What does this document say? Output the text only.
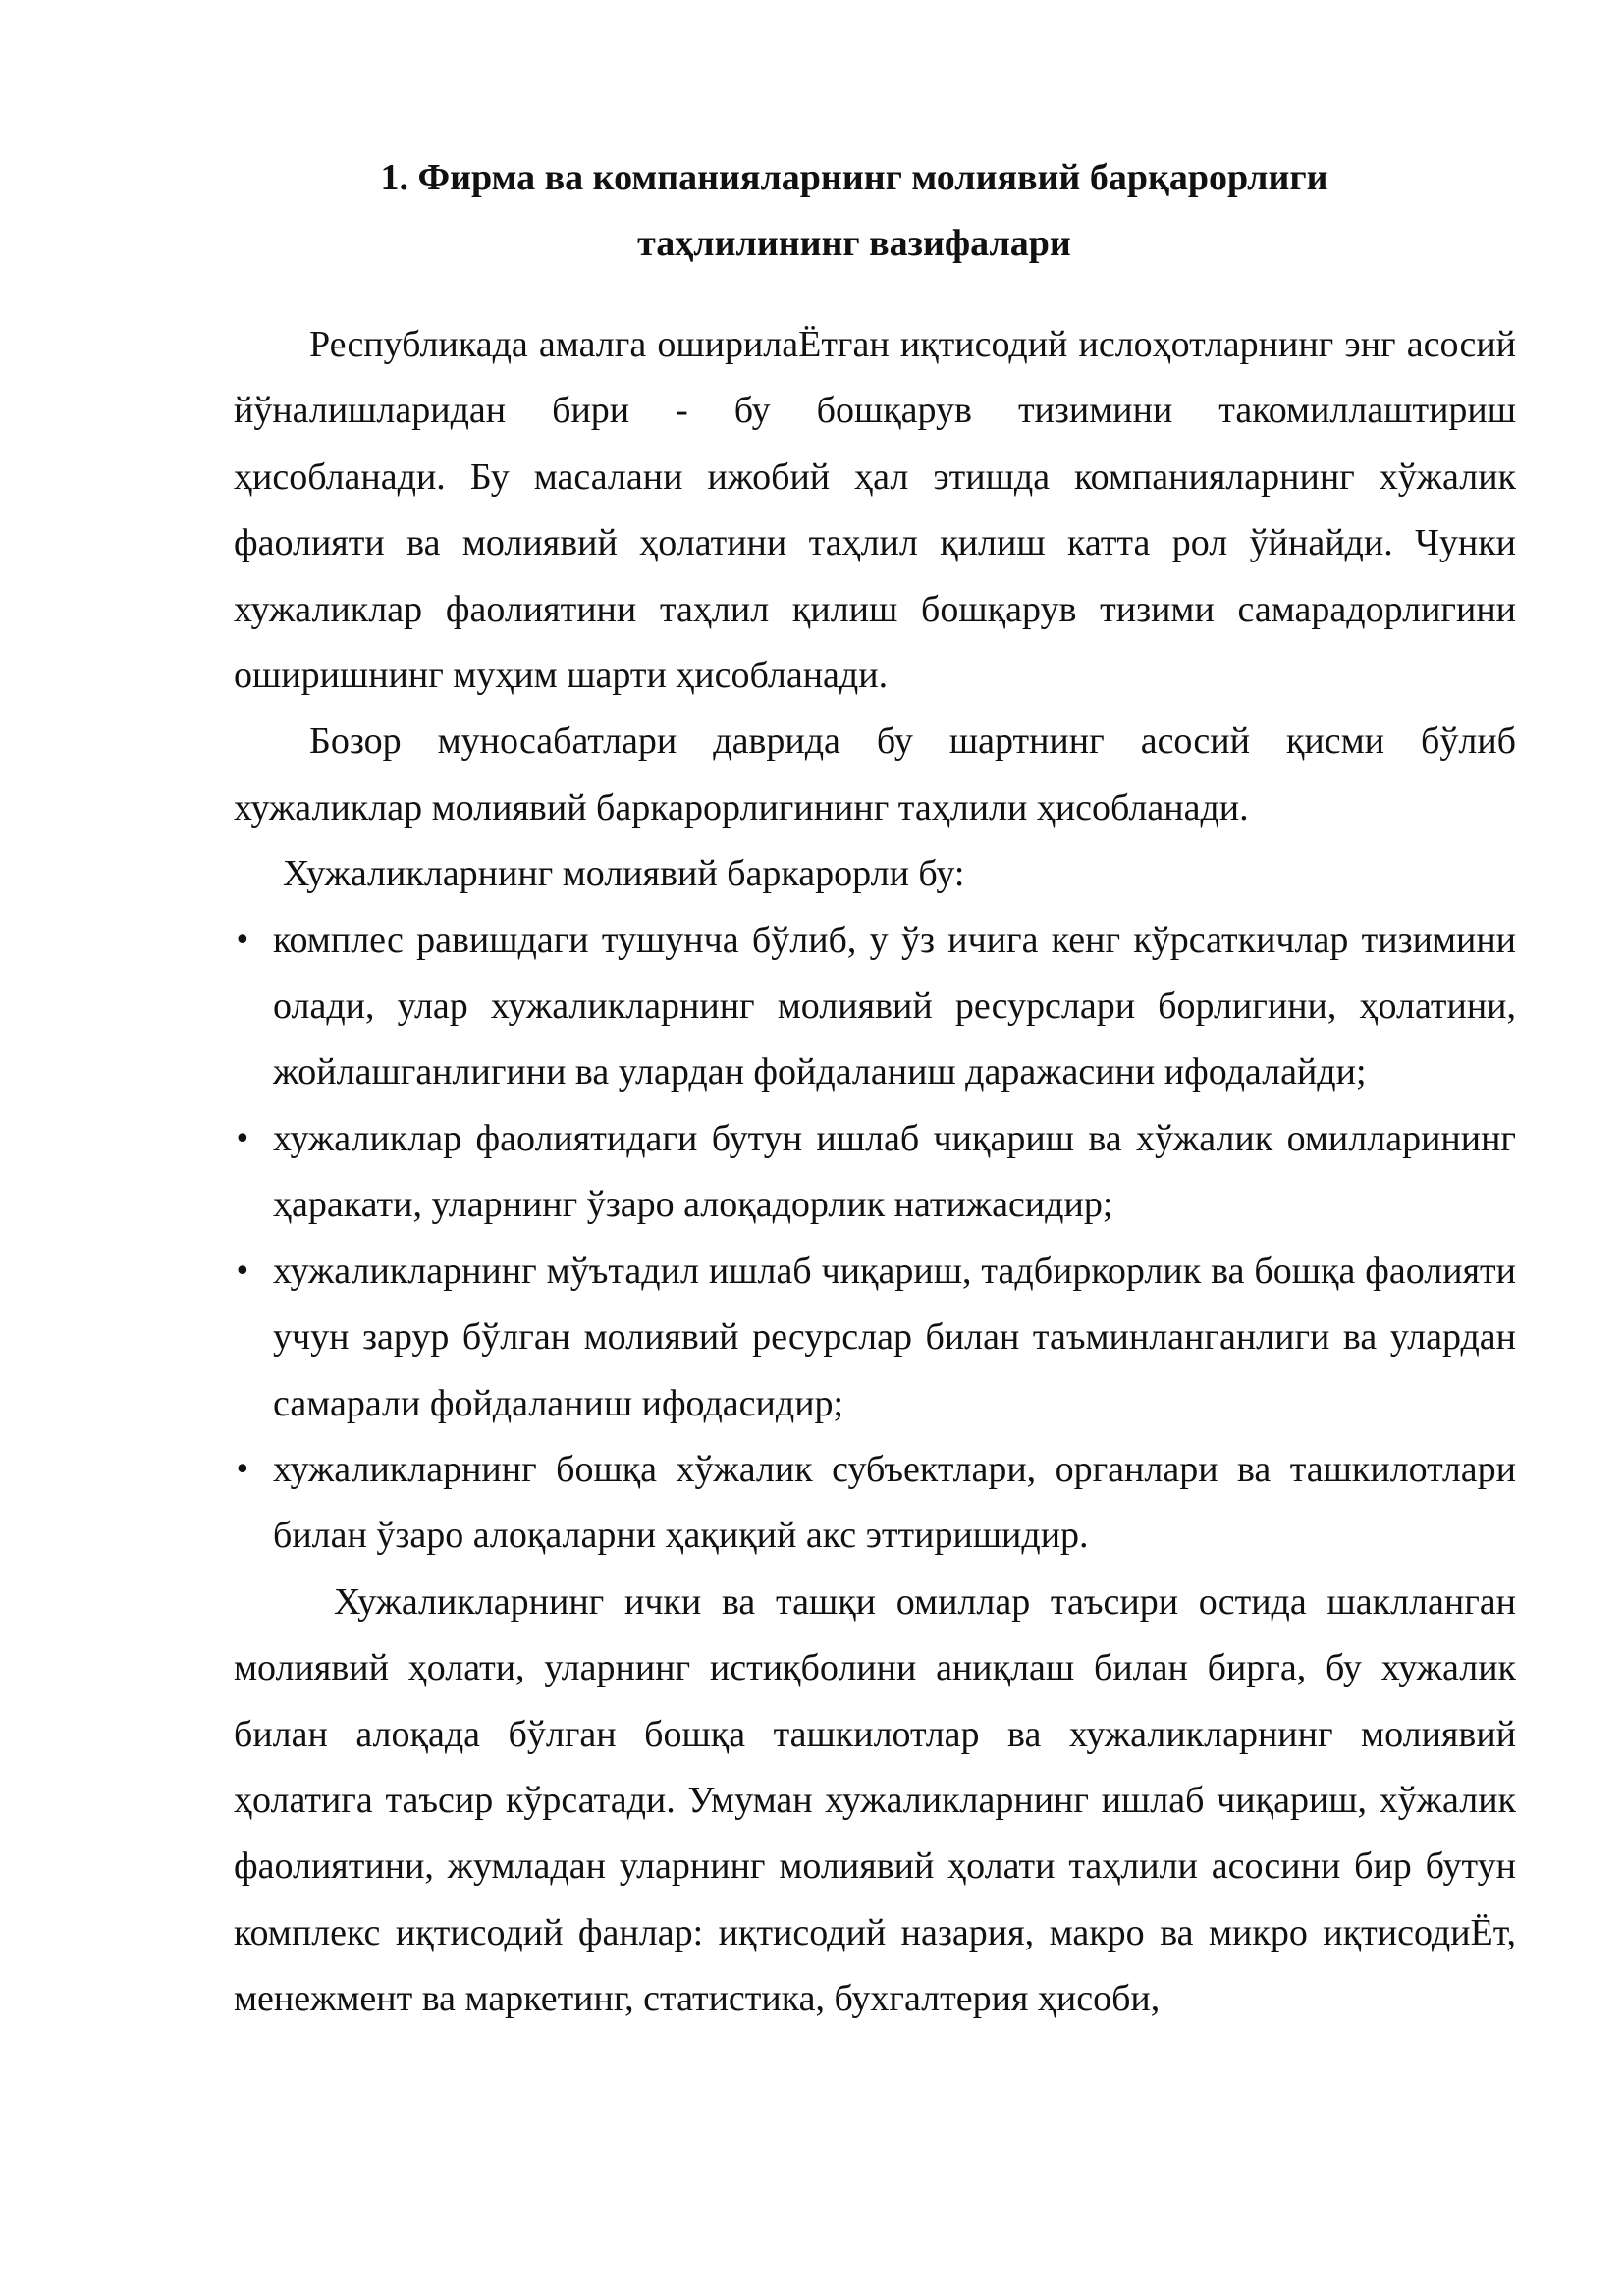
1. Фирма ва компанияларнинг молиявий барқарорлиги
таҳлилининг вазифалари

Республикада амалга оширилаЁтган иқтисодий ислоҳотларнинг энг асосий йўналишларидан бири - бу бошқарув тизимини такомиллаштириш ҳисобланади. Бу масалани ижобий ҳал этишда компанияларнинг хўжалик фаолияти ва молиявий ҳолатини таҳлил қилиш катта рол ўйнайди. Чунки хужаликлар фаолиятини таҳлил қилиш бошқарув тизими самарадорлигини оширишнинг муҳим шарти ҳисобланади.

Бозор муносабатлари даврида бу шартнинг асосий қисми бўлиб хужаликлар молиявий баркарорлигининг таҳлили ҳисобланади.

Хужаликларнинг молиявий баркарорли бу:

• комплес равишдаги тушунча бўлиб, у ўз ичига кенг кўрсаткичлар тизимини олади, улар хужаликларнинг молиявий ресурслари борлигини, ҳолатини, жойлашганлигини ва улардан фойдаланиш даражасини ифодалайди;
• хужаликлар фаолиятидаги бутун ишлаб чиқариш ва хўжалик омилларининг ҳаракати, уларнинг ўзаро алоқадорлик натижасидир;
• хужаликларнинг мўътадил ишлаб чиқариш, тадбиркорлик ва бошқа фаолияти учун зарур бўлган молиявий ресурслар билан таъминланганлиги ва улардан самарали фойдаланиш ифодасидир;
• хужаликларнинг бошқа хўжалик субъектлари, органлари ва ташкилотлари билан ўзаро алоқаларни ҳақиқий акс эттиришидир.

Хужаликларнинг ички ва ташқи омиллар таъсири остида шаклланган молиявий ҳолати, уларнинг истиқболини аниқлаш билан бирга, бу хужалик билан алоқада бўлган бошқа ташкилотлар ва хужаликларнинг молиявий ҳолатига таъсир кўрсатади. Умуман хужаликларнинг ишлаб чиқариш, хўжалик фаолиятини, жумладан уларнинг молиявий ҳолати таҳлили асосини бир бутун комплекс иқтисодий фанлар: иқтисодий назария, макро ва микро иқтисодиЁт, менежмент ва маркетинг, статистика, бухгалтерия ҳисоби,
